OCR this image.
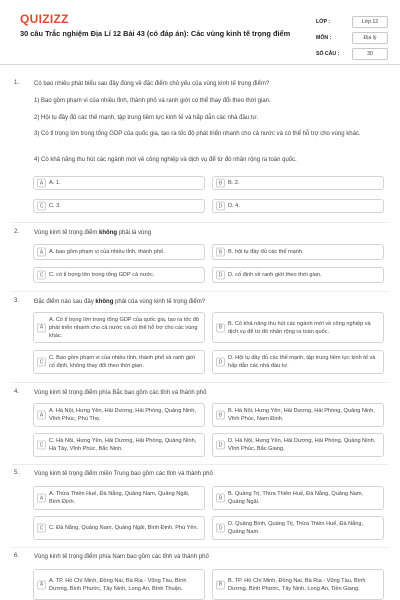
QUIZIZZ
30 câu Trắc nghiệm Địa Lí 12 Bài 43 (có đáp án): Các vùng kinh tế trọng điểm
LỚP :	Lớp 12
MÔN :	Địa lý
SỐ CÂU :	30
1. Có bao nhiêu phát biểu sau đây đúng về đặc điểm chủ yếu của vùng kinh tế trọng điểm?
1) Bao gồm phạm vi của nhiều tỉnh, thành phố và ranh giới có thể thay đổi theo thời gian.
2) Hội tụ đầy đủ các thế mạnh, tập trung tiềm lực kinh tế và hấp dẫn các nhà đầu tư.
3) Có tỉ trọng lớn trong tổng GDP của quốc gia, tạo ra tốc độ phát triển nhanh cho cả nước và có thể hỗ trợ cho vùng khác.
4) Có khả năng thu hút các ngành mới về công nghiệp và dịch vụ để từ đó nhân rộng ra toàn quốc.
A	A. 1.	B	B. 2.
C	C. 3.	D	D. 4.
2. Vùng kinh tế trọng điểm không phải là vùng
A	A. bao gồm phạm vi của nhiều tỉnh, thành phố.	B	B. hội tụ đầy đủ các thế mạnh.
C	C. có tỉ trọng lớn trong tổng GDP cả nước.	D	D. cố định về ranh giới theo thời gian.
3. Đặc điểm nào sau đây không phải của vùng kinh tế trọng điểm?
A
A. Có tỉ trọng lớn trong tổng GDP của quốc gia, tạo ra tốc độ phát triển nhanh cho cả nước và có thể hỗ trợ cho các vùng khác.
B
B. Có khả năng thu hút các ngành mới về công nghiệp và dịch vụ để từ đó nhân rộng ra toàn quốc.
C
C. Bao gồm phạm vi của nhiều tỉnh, thành phố và ranh giới cố định, không thay đổi theo thời gian.
D
D. Hội tụ đầy đủ các thế mạnh, tập trung tiềm lực kinh tế và hấp dẫn các nhà đầu tư.
4. Vùng kinh tế trọng điểm phía Bắc bao gồm các tỉnh và thành phố
A
A. Hà Nội, Hưng Yên, Hải Dương, Hải Phòng, Quảng Ninh, Vĩnh Phúc, Phú Thọ.
B
B. Hà Nội, Hưng Yên, Hải Dương, Hải Phòng, Quảng Ninh, Vĩnh Phúc, Nam Định.
C
C. Hà Nội, Hưng Yên, Hải Dương, Hải Phòng, Quảng Ninh, Hà Tây, Vĩnh Phúc, Bắc Ninh.
D
D. Hà Nội, Hưng Yên, Hải Dương, Hải Phòng, Quảng Ninh, Vĩnh Phúc, Bắc Giang.
5. Vùng kinh tế trọng điểm miền Trung bao gồm các tỉnh và thành phố
A
A. Thừa Thiên Huế, Đà Nẵng, Quảng Nam, Quảng Ngãi, Bình Định.
B
B. Quảng Trị, Thừa Thiên Huế, Đà Nẵng, Quảng Nam, Quảng Ngãi.
C	C. Đà Nẵng, Quảng Nam, Quảng Ngãi, Bình Định, Phú Yên.	D
D. Quảng Bình, Quảng Trị, Thừa Thiên Huế, Đà Nẵng, Quảng Nam.
6. Vùng kinh tế trọng điểm phía Nam bao gồm các tỉnh và thành phố
A
A. TP. Hồ Chí Minh, Đồng Nai, Bà Rịa - Vũng Tàu, Bình Dương, Bình Phước, Tây Ninh, Long An, Bình Thuận.
B
B. TP. Hồ Chí Minh, Đồng Nai, Bà Rịa - Vũng Tàu, Bình Dương, Bình Phước, Tây Ninh, Long An, Tiền Giang.
